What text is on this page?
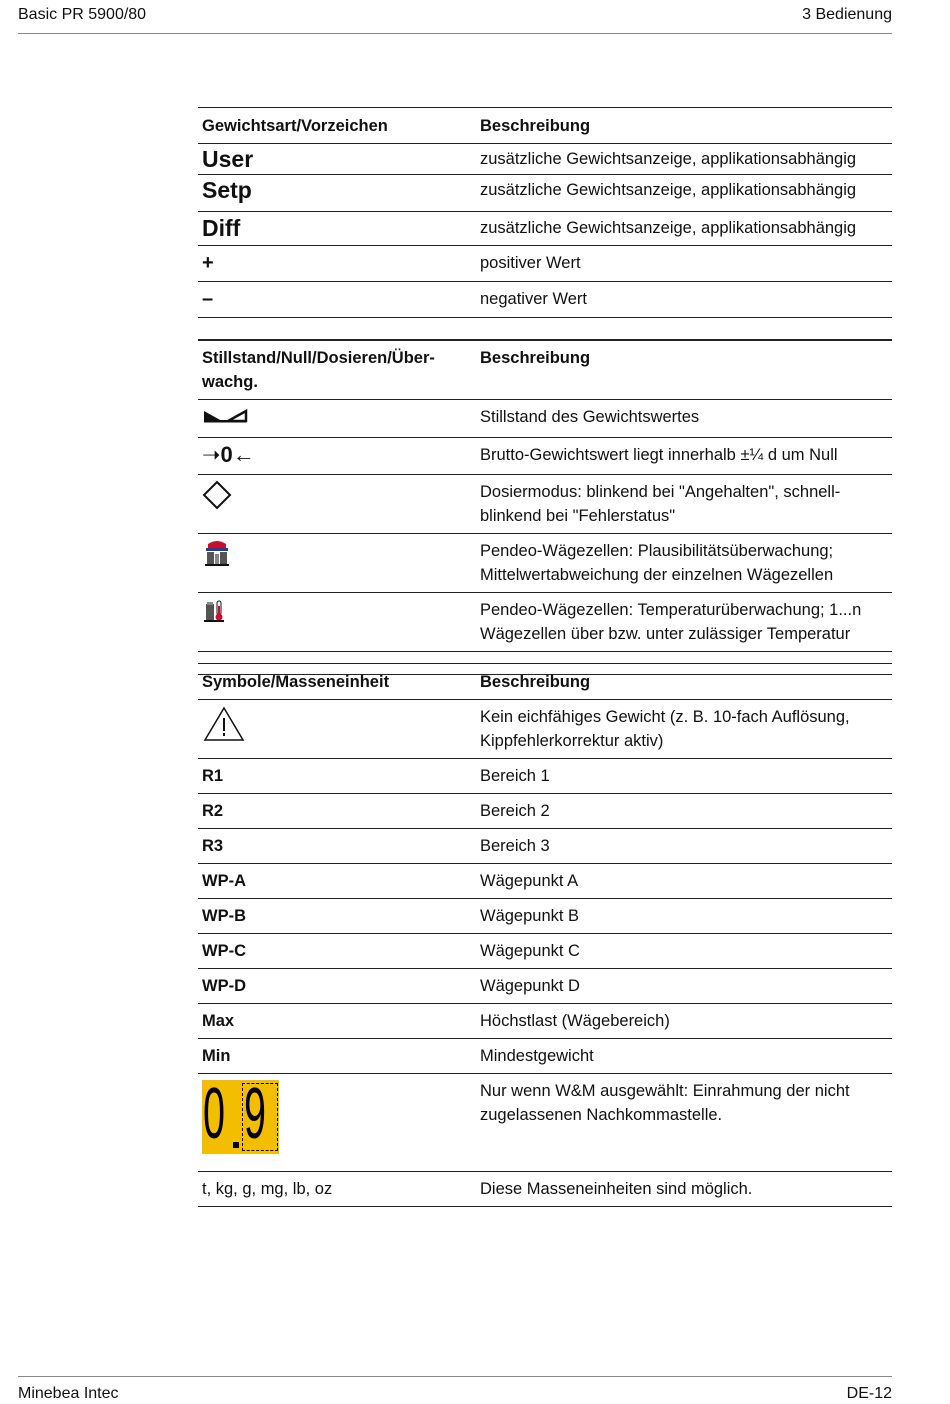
Basic PR 5900/80	3 Bedienung
Gewichtsart/Vorzeichen	Beschreibung
User	zusätzliche Gewichtsanzeige, applikationsabhängig
Setp	zusätzliche Gewichtsanzeige, applikationsabhängig
Diff	zusätzliche Gewichtsanzeige, applikationsabhängig
+	positiver Wert
–	negativer Wert

Stillstand/Null/Dosieren/Über-wachg.	Beschreibung
	Stillstand des Gewichtswertes

➝ 0 ←	Brutto-Gewichtswert liegt innerhalb ±¼ d um Null
	Dosiermodus: blinkend bei "Angehalten", schnell-blinkend bei "Fehlerstatus"
	Pendeo-Wägezellen: Plausibilitätsüberwachung; Mittelwertabweichung der einzelnen Wägezellen
	Pendeo-Wägezellen: Temperaturüberwachung; 1...n Wägezellen über bzw. unter zulässiger Temperatur

Symbole/Masseneinheit	Beschreibung
	Kein eichfähiges Gewicht (z. B. 10-fach Auflösung, Kippfehlerkorrektur aktiv)
R1	Bereich 1
R2	Bereich 2
R3	Bereich 3
WP-A	Wägepunkt A
WP-B	Wägepunkt B
WP-C	Wägepunkt C
WP-D	Wägepunkt D
Max	Höchstlast (Wägebereich)
Min	Mindestgewicht

0 9	Nur wenn W&M ausgewählt: Einrahmung der nicht zugelassenen Nachkommastelle.
t, kg, g, mg, lb, oz	Diese Masseneinheiten sind möglich.
Minebea Intec	DE-12
